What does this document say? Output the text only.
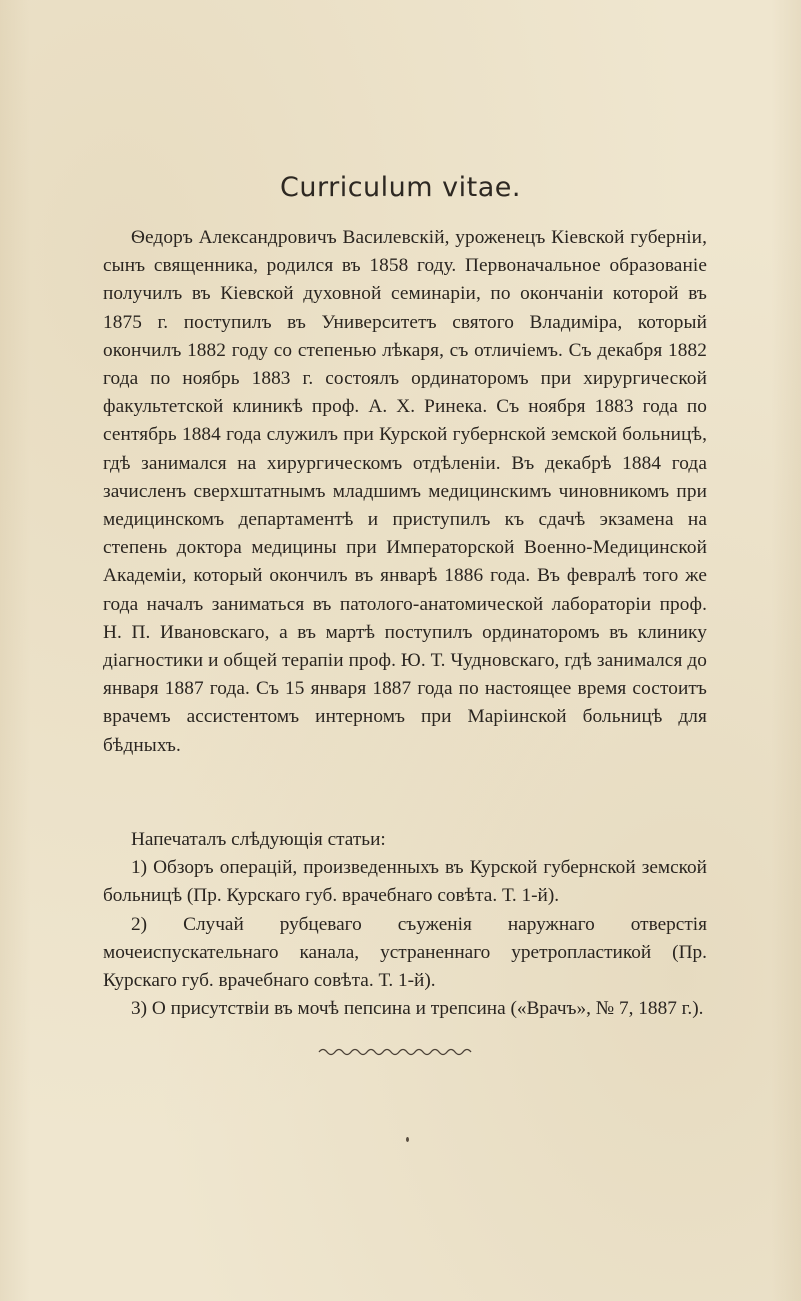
Curriculum vitae.

Ѳедоръ Александровичъ Василевскій, уроженецъ Кіевской губерніи, сынъ священника, родился въ 1858 году. Первоначальное образованіе получилъ въ Кіевской духовной семинаріи, по окончаніи которой въ 1875 г. поступилъ въ Университетъ святого Владиміра, который окончилъ 1882 году со степенью лѣкаря, съ отличіемъ. Съ декабря 1882 года по ноябрь 1883 г. состоялъ ординаторомъ при хирургической факультетской клиникѣ проф. А. Х. Ринека. Съ ноября 1883 года по сентябрь 1884 года служилъ при Курской губернской земской больницѣ, гдѣ занимался на хирургическомъ отдѣленіи. Въ декабрѣ 1884 года зачисленъ сверхштатнымъ младшимъ медицинскимъ чиновникомъ при медицинскомъ департаментѣ и приступилъ къ сдачѣ экзамена на степень доктора медицины при Императорской Военно-Медицинской Академіи, который окончилъ въ январѣ 1886 года. Въ февралѣ того же года началъ заниматься въ патолого-анатомической лабораторіи проф. Н. П. Ивановскаго, а въ мартѣ поступилъ ординаторомъ въ клинику діагностики и общей терапіи проф. Ю. Т. Чудновскаго, гдѣ занимался до января 1887 года. Съ 15 января 1887 года по настоящее время состоитъ врачемъ ассистентомъ интерномъ при Маріинской больницѣ для бѣдныхъ.

Напечаталъ слѣдующія статьи:

1) Обзоръ операцій, произведенныхъ въ Курской губернской земской больницѣ (Пр. Курскаго губ. врачебнаго совѣта. Т. 1-й).
2) Случай рубцеваго съуженія наружнаго отверстія мочеиспускательнаго канала, устраненнаго уретропластикой (Пр. Курскаго губ. врачебнаго совѣта. Т. 1-й).
3) О присутствіи въ мочѣ пепсина и трепсина («Врачъ», № 7, 1887 г.).
